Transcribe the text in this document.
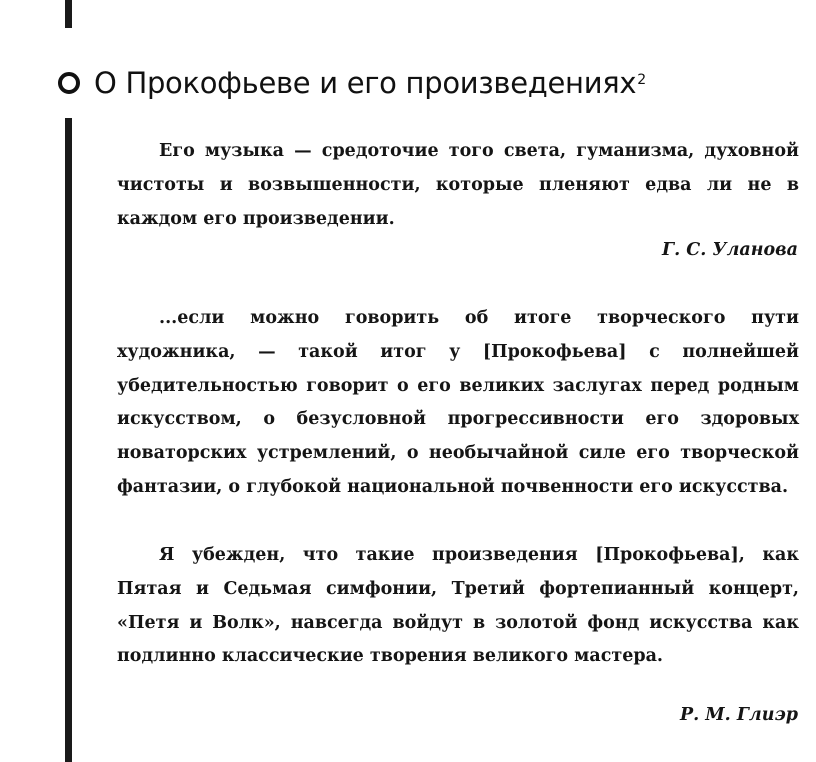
О Прокофьеве и его произведениях$^2$

Его музыка — средоточие того света, гуманизма, духовной чистоты и возвышенности, которые пленяют едва ли не в каждом его произведении.

Г. С. Уланова

...если можно говорить об итоге творческого пути художника, — такой итог у [Прокофьева] с полнейшей убедительностью говорит о его великих заслугах перед родным искусством, о безусловной прогрессивности его здоровых новаторских устремлений, о необычайной силе его творческой фантазии, о глубокой национальной почвенности его искусства.

Я убежден, что такие произведения [Прокофьева], как Пятая и Седьмая симфонии, Третий фортепианный концерт, «Петя и Волк», навсегда войдут в золотой фонд искусства как подлинно классические творения великого мастера.

Р. М. Глиэр
